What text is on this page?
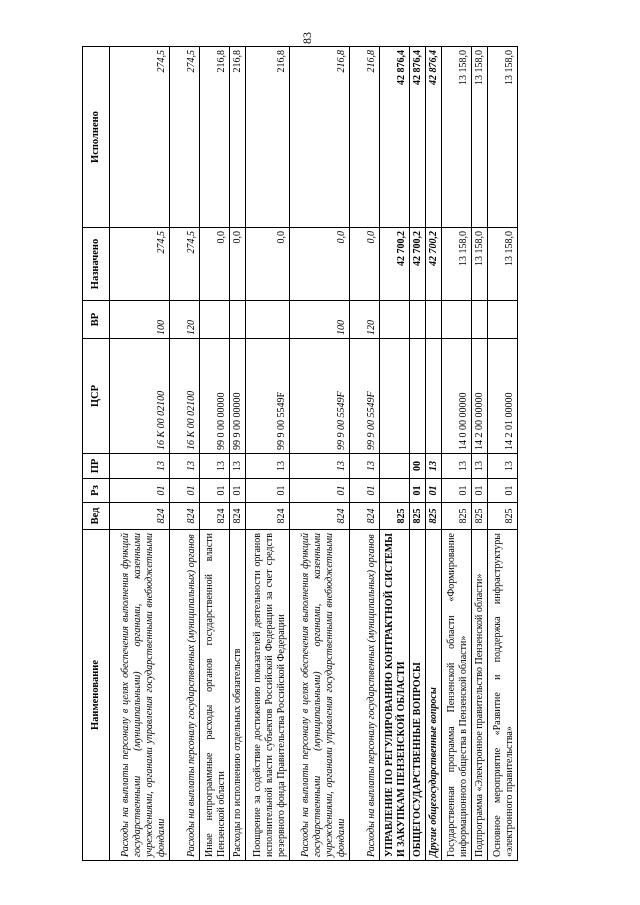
83
Наименование	Вед	Рз	ПР	ЦСР	ВР	Назначено	Исполнено
Расходы на выплаты персоналу в целях обеспечения выполнения функций государственными (муниципальными) органами, казенными учреждениями, органами управления государственными внебюджетными фондами	824	01	13	16 К 00 02100	100	274,5	274,5
Расходы на выплаты персоналу государственных (муниципальных) органов	824	01	13	16 К 00 02100	120	274,5	274,5
Иные непрограммные расходы органов государственной власти Пензенской области	824	01	13	99 0 00 00000		0,0	216,8
Расходы по исполнению отдельных обязательств	824	01	13	99 9 00 00000		0,0	216,8
Поощрение за содействие достижению показателей деятельности органов исполнительной власти субъектов Российской Федерации за счет средств резервного фонда Правительства Российской Федерации	824	01	13	99 9 00 5549F		0,0	216,8
Расходы на выплаты персоналу в целях обеспечения выполнения функций государственными (муниципальными) органами, казенными учреждениями, органами управления государственными внебюджетными фондами	824	01	13	99 9 00 5549F	100	0,0	216,8
Расходы на выплаты персоналу государственных (муниципальных) органов	824	01	13	99 9 00 5549F	120	0,0	216,8
УПРАВЛЕНИЕ ПО РЕГУЛИРОВАНИЮ КОНТРАКТНОЙ СИСТЕМЫ И ЗАКУПКАМ ПЕНЗЕНСКОЙ ОБЛАСТИ	825					42 700,2	42 876,4
ОБЩЕГОСУДАРСТВЕННЫЕ ВОПРОСЫ	825	01	00			42 700,2	42 876,4
Другие общегосударственные вопросы	825	01	13			42 700,2	42 876,4
Государственная программа Пензенской области «Формирование информационного общества в Пензенской области»	825	01	13	14 0 00 00000		13 158,0	13 158,0
Подпрограмма «Электронное правительство Пензенской области»	825	01	13	14 2 00 00000		13 158,0	13 158,0
Основное мероприятие «Развитие и поддержка инфраструктуры «электронного правительства»	825	01	13	14 2 01 00000		13 158,0	13 158,0
